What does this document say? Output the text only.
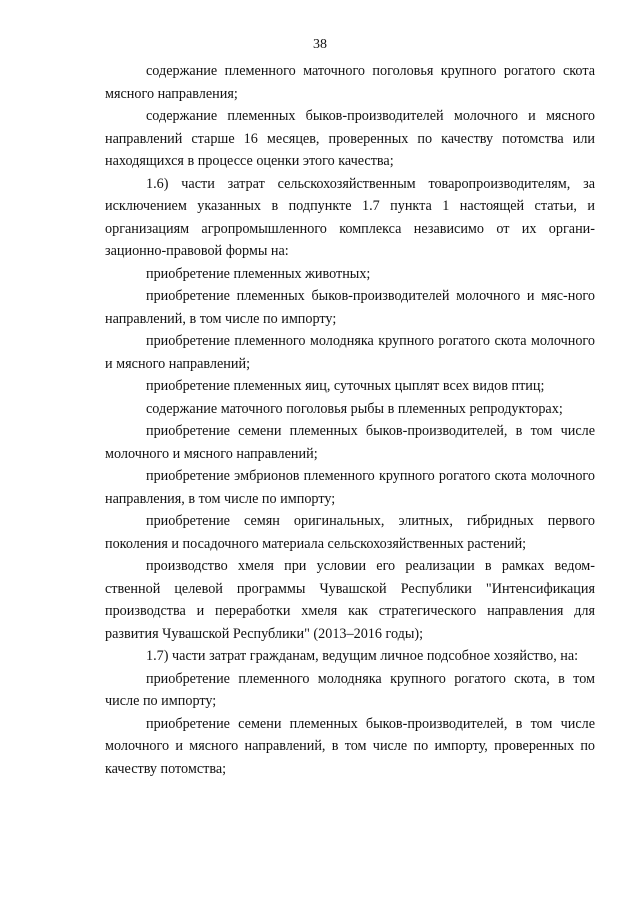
38

содержание племенного маточного поголовья крупного рогатого скота мясного направления;

содержание племенных быков-производителей молочного и мясного направлений старше 16 месяцев, проверенных по качеству потомства или находящихся в процессе оценки этого качества;

1.6) части затрат сельскохозяйственным товаропроизводителям, за исключением указанных в подпункте 1.7 пункта 1 настоящей статьи, и организациям агропромышленного комплекса независимо от их органи-зационно-правовой формы на:

приобретение племенных животных;

приобретение племенных быков-производителей молочного и мяс-ного направлений, в том числе по импорту;

приобретение племенного молодняка крупного рогатого скота молочного и мясного направлений;

приобретение племенных яиц, суточных цыплят всех видов птиц;

содержание маточного поголовья рыбы в племенных репродукторах;

приобретение семени племенных быков-производителей, в том числе молочного и мясного направлений;

приобретение эмбрионов племенного крупного рогатого скота молочного направления, в том числе по импорту;

приобретение семян оригинальных, элитных, гибридных первого поколения и посадочного материала сельскохозяйственных растений;

производство хмеля при условии его реализации в рамках ведом-ственной целевой программы Чувашской Республики "Интенсификация производства и переработки хмеля как стратегического направления для развития Чувашской Республики" (2013–2016 годы);

1.7) части затрат гражданам, ведущим личное подсобное хозяйство, на:

приобретение племенного молодняка крупного рогатого скота, в том числе по импорту;

приобретение семени племенных быков-производителей, в том числе молочного и мясного направлений, в том числе по импорту, проверенных по качеству потомства;
